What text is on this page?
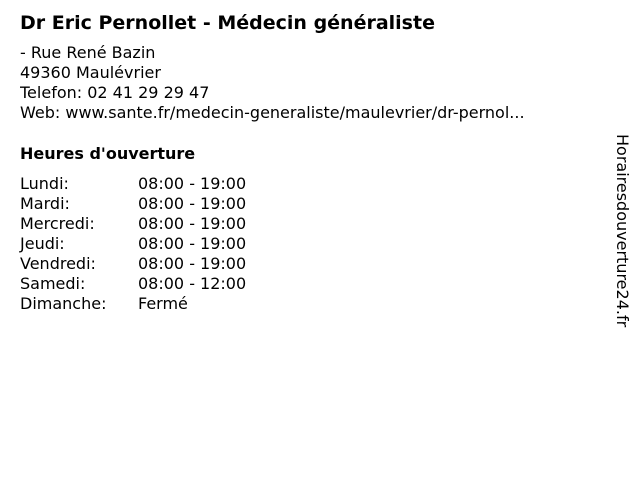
Dr Eric Pernollet - Médecin généraliste
- Rue René Bazin
49360 Maulévrier
Telefon: 02 41 29 29 47
Web: www.sante.fr/medecin-generaliste/maulevrier/dr-pernol...
Heures d'ouverture
Lundi:	08:00 - 19:00
Mardi:	08:00 - 19:00
Mercredi:	08:00 - 19:00
Jeudi:	08:00 - 19:00
Vendredi:	08:00 - 19:00
Samedi:	08:00 - 12:00
Dimanche:	Fermé	Horairesdouverture24.fr
